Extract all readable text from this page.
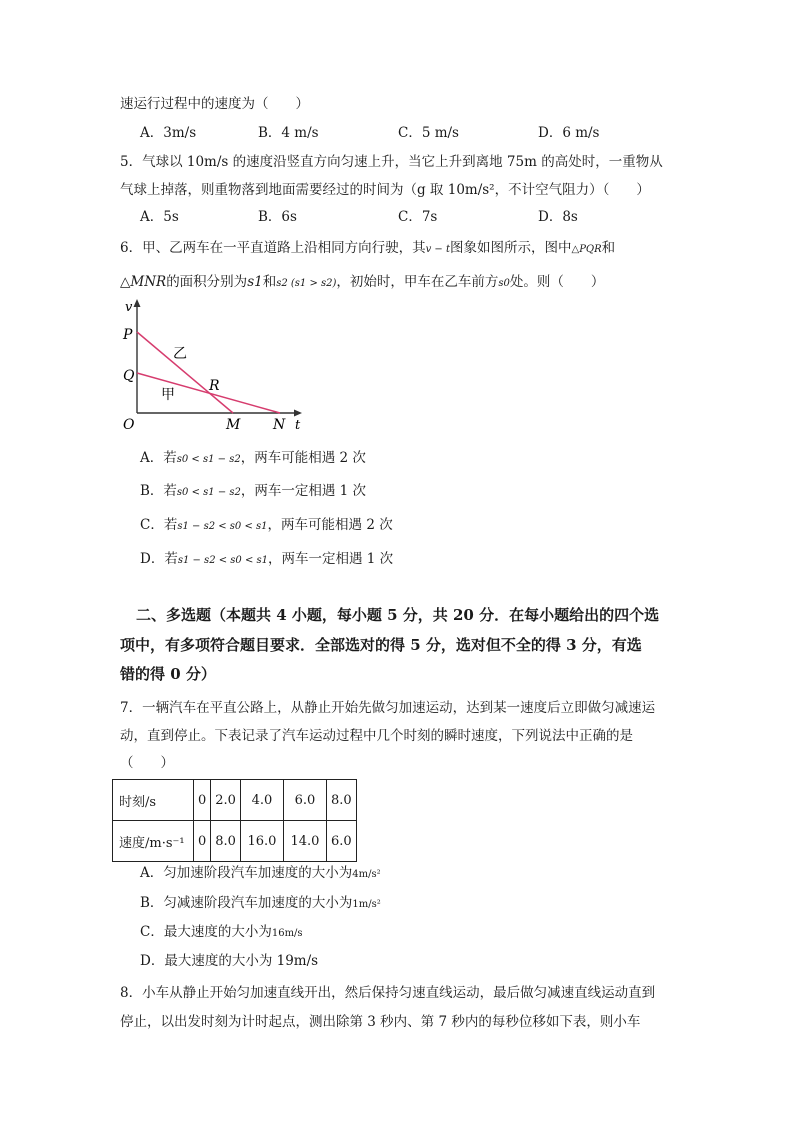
速运行过程中的速度为（　　）
A．3m/s	B．4 m/s	C．5 m/s	D．6 m/s
5．气球以 10m/s 的速度沿竖直方向匀速上升，当它上升到离地 75m 的高处时，一重物从
气球上掉落，则重物落到地面需要经过的时间为（g 取 10m/s²，不计空气阻力）（　　）
A．5s	B．6s	C．7s	D．8s
6．甲、乙两车在一平直道路上沿相同方向行驶，其v − t图象如图所示，图中△PQR和
△MNR的面积分别为s1和s2 (s1 > s2)，初始时，甲车在乙车前方s0处。则（　　）
v
P
Q
乙
甲
R
O	M N t
A．若s0 < s1 − s2，两车可能相遇 2 次
B．若s0 < s1 − s2，两车一定相遇 1 次
C．若s1 − s2 < s0 < s1，两车可能相遇 2 次
D．若s1 − s2 < s0 < s1，两车一定相遇 1 次
二、多选题（本题共 4 小题，每小题 5 分，共 20 分．在每小题给出的四个选
项中，有多项符合题目要求．全部选对的得 5 分，选对但不全的得 3 分，有选
错的得 0 分）
7．一辆汽车在平直公路上，从静止开始先做匀加速运动，达到某一速度后立即做匀减速运
动，直到停止。下表记录了汽车运动过程中几个时刻的瞬时速度，下列说法中正确的是
（　　）
时刻/s	0	2.0	4.0	6.0	8.0
速度/m·s⁻¹	0	8.0	16.0	14.0	6.0
A．匀加速阶段汽车加速度的大小为4m/s²
B．匀减速阶段汽车加速度的大小为1m/s²
C．最大速度的大小为16m/s
D．最大速度的大小为 19m/s
8．小车从静止开始匀加速直线开出，然后保持匀速直线运动，最后做匀减速直线运动直到
停止，以出发时刻为计时起点，测出除第 3 秒内、第 7 秒内的每秒位移如下表，则小车
